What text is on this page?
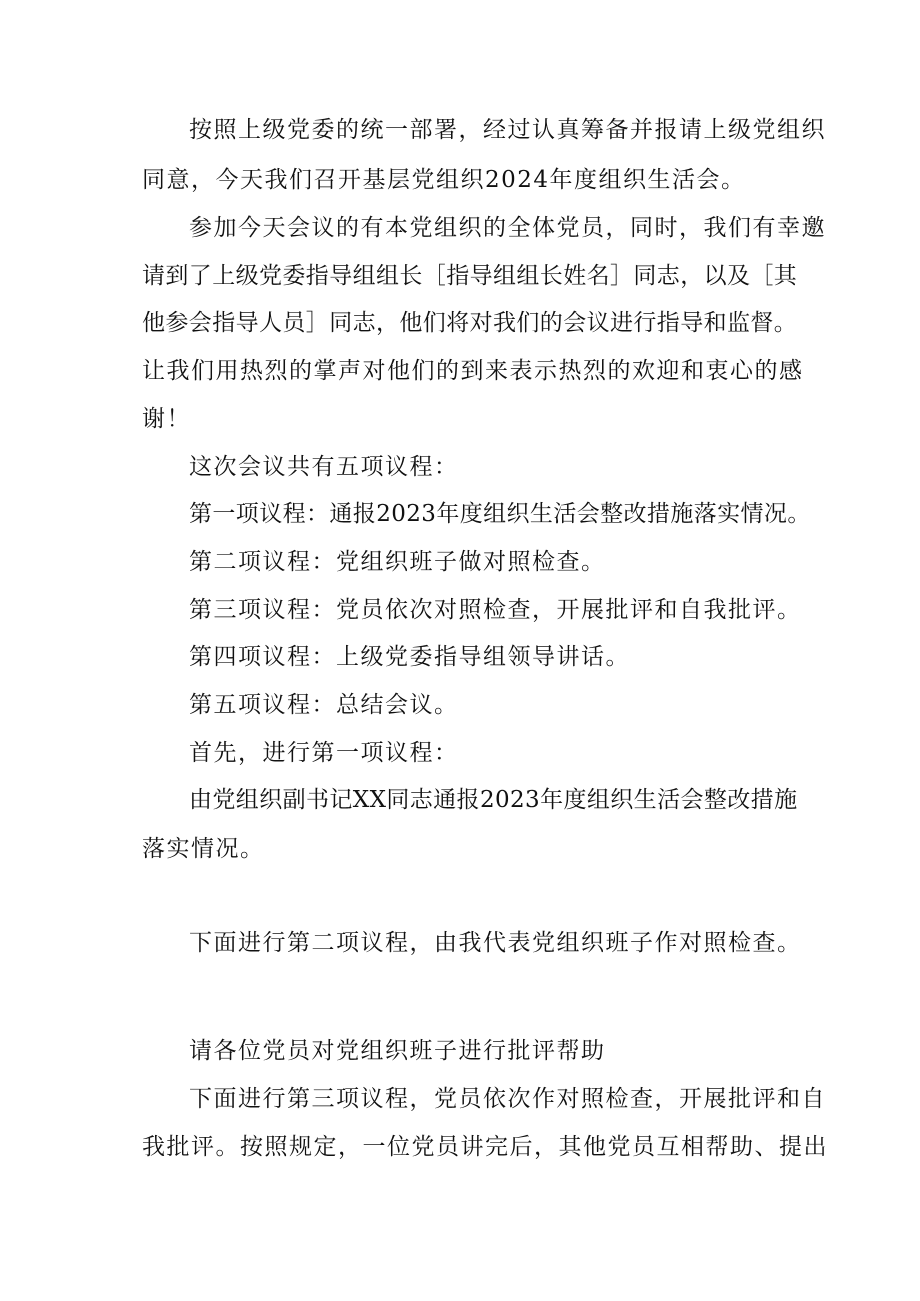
按照上级党委的统一部署，经过认真筹备并报请上级党组织
同意，今天我们召开基层党组织2024年度组织生活会。
参加今天会议的有本党组织的全体党员，同时，我们有幸邀
请到了上级党委指导组组长［指导组组长姓名］同志，以及［其
他参会指导人员］同志，他们将对我们的会议进行指导和监督。
让我们用热烈的掌声对他们的到来表示热烈的欢迎和衷心的感
谢！
这次会议共有五项议程：
第一项议程：通报2023年度组织生活会整改措施落实情况。
第二项议程：党组织班子做对照检查。
第三项议程：党员依次对照检查，开展批评和自我批评。
第四项议程：上级党委指导组领导讲话。
第五项议程：总结会议。
首先，进行第一项议程：
由党组织副书记XX同志通报2023年度组织生活会整改措施
落实情况。
下面进行第二项议程，由我代表党组织班子作对照检查。
请各位党员对党组织班子进行批评帮助
下面进行第三项议程，党员依次作对照检查，开展批评和自
我批评。按照规定，一位党员讲完后，其他党员互相帮助、提出
